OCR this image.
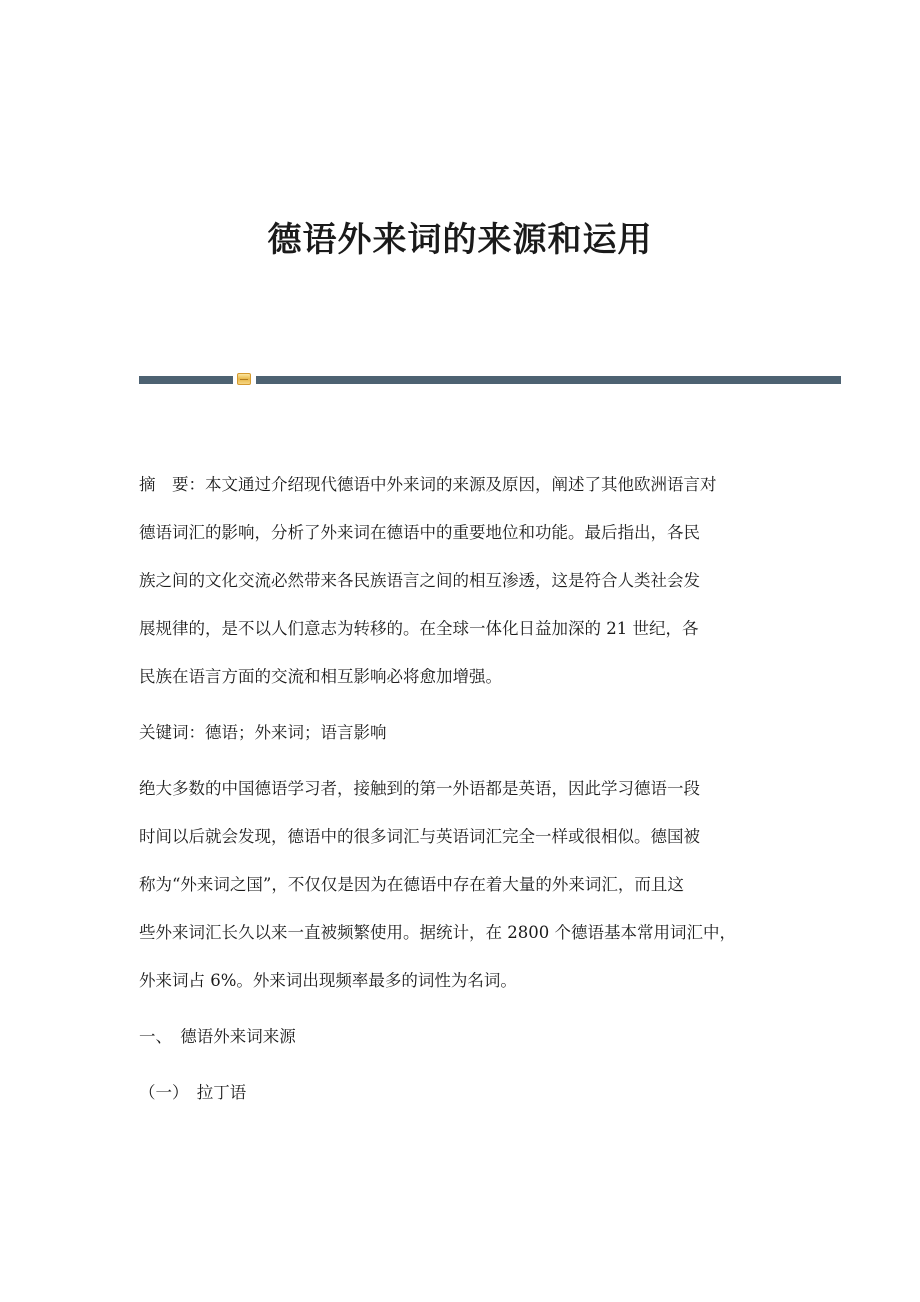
德语外来词的来源和运用
摘　要：本文通过介绍现代德语中外来词的来源及原因，阐述了其他欧洲语言对
德语词汇的影响，分析了外来词在德语中的重要地位和功能。最后指出，各民
族之间的文化交流必然带来各民族语言之间的相互渗透，这是符合人类社会发
展规律的，是不以人们意志为转移的。在全球一体化日益加深的 21 世纪，各
民族在语言方面的交流和相互影响必将愈加增强。
关键词：德语；外来词；语言影响
绝大多数的中国德语学习者，接触到的第一外语都是英语，因此学习德语一段
时间以后就会发现，德语中的很多词汇与英语词汇完全一样或很相似。德国被
称为“外来词之国”，不仅仅是因为在德语中存在着大量的外来词汇，而且这
些外来词汇长久以来一直被频繁使用。据统计，在 2800 个德语基本常用词汇中，
外来词占 6%。外来词出现频率最多的词性为名词。
一、　德语外来词来源
（一）　拉丁语
